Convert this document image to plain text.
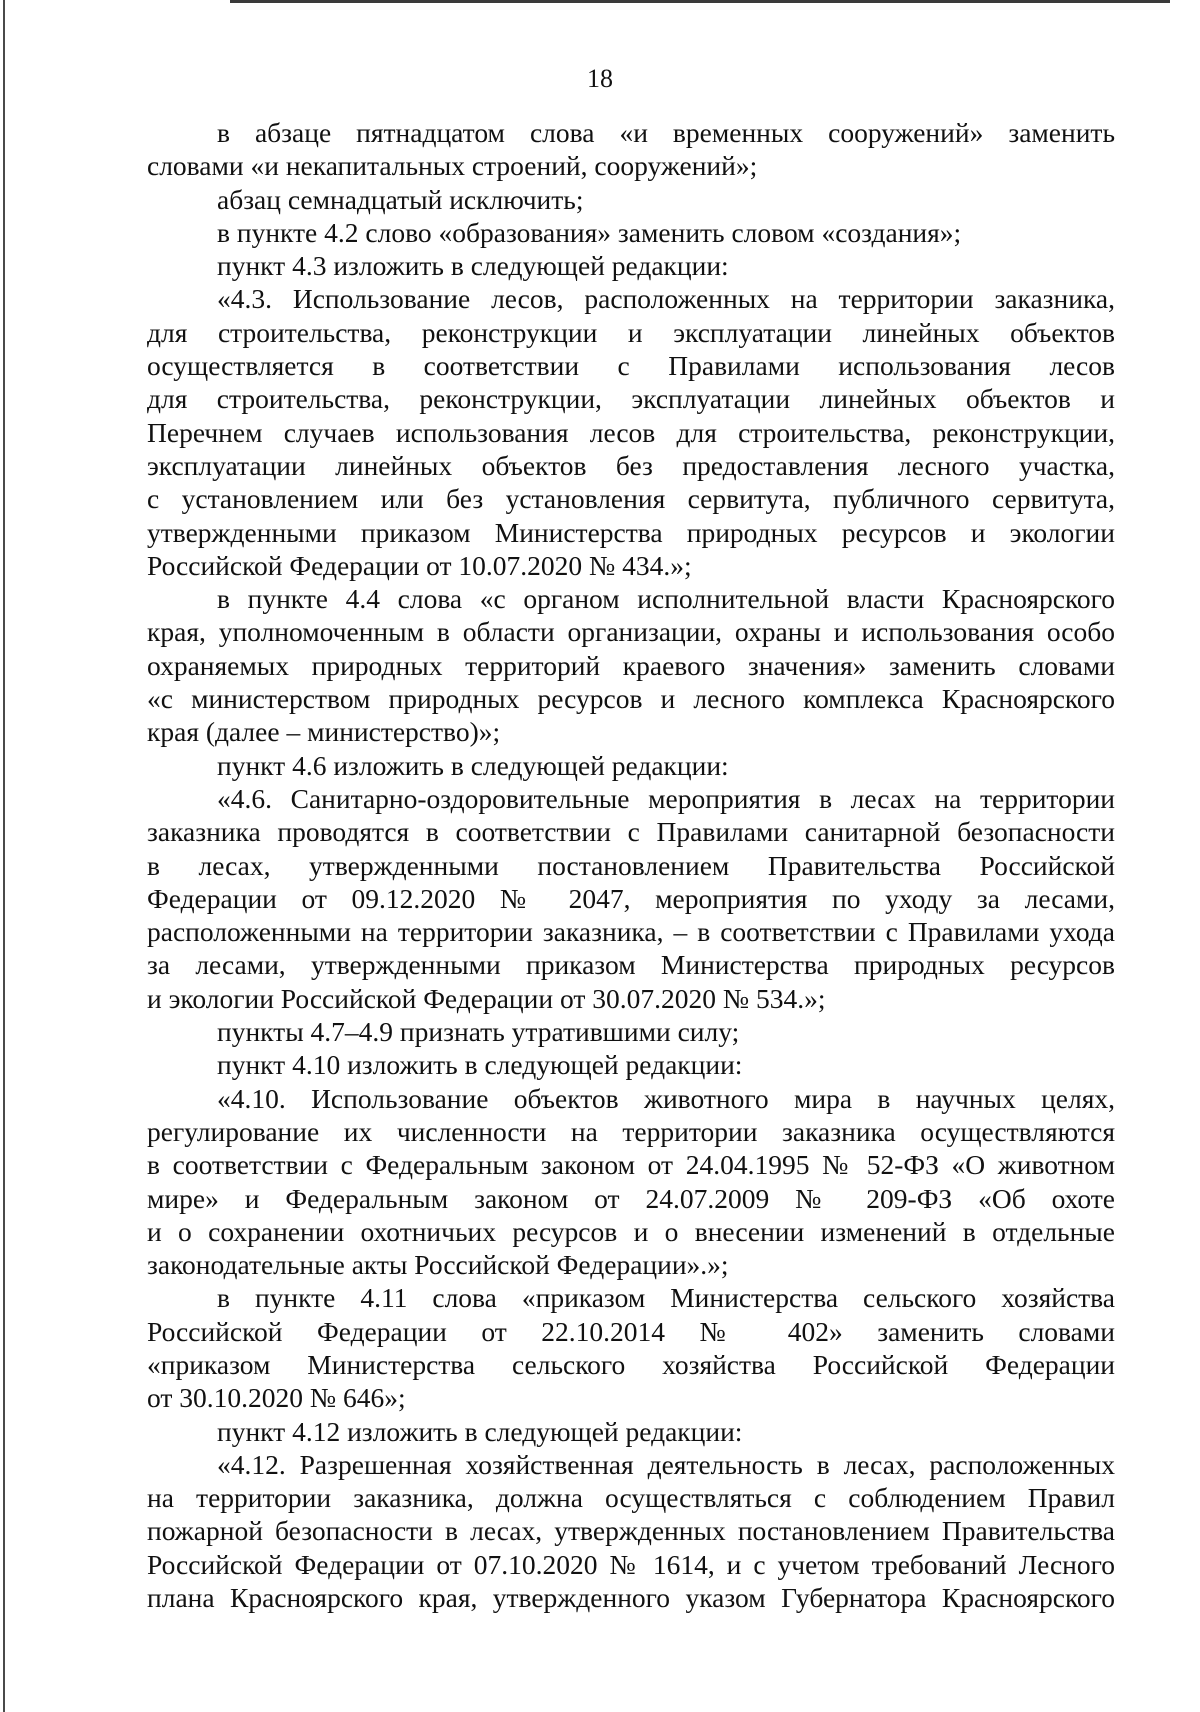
18
в абзаце пятнадцатом слова «и временных сооружений» заменить
словами «и некапитальных строений, сооружений»;
абзац семнадцатый исключить;
в пункте 4.2 слово «образования» заменить словом «создания»;
пункт 4.3 изложить в следующей редакции:
«4.3. Использование лесов, расположенных на территории заказника,
для строительства, реконструкции и эксплуатации линейных объектов
осуществляется в соответствии с Правилами использования лесов
для строительства, реконструкции, эксплуатации линейных объектов и
Перечнем случаев использования лесов для строительства, реконструкции,
эксплуатации линейных объектов без предоставления лесного участка,
с установлением или без установления сервитута, публичного сервитута,
утвержденными приказом Министерства природных ресурсов и экологии
Российской Федерации от 10.07.2020 № 434.»;
в пункте 4.4 слова «с органом исполнительной власти Красноярского
края, уполномоченным в области организации, охраны и использования особо
охраняемых природных территорий краевого значения» заменить словами
«с министерством природных ресурсов и лесного комплекса Красноярского
края (далее – министерство)»;
пункт 4.6 изложить в следующей редакции:
«4.6. Санитарно-оздоровительные мероприятия в лесах на территории
заказника проводятся в соответствии с Правилами санитарной безопасности
в лесах, утвержденными постановлением Правительства Российской
Федерации от 09.12.2020 № 2047, мероприятия по уходу за лесами,
расположенными на территории заказника, – в соответствии с Правилами ухода
за лесами, утвержденными приказом Министерства природных ресурсов
и экологии Российской Федерации от 30.07.2020 № 534.»;
пункты 4.7–4.9 признать утратившими силу;
пункт 4.10 изложить в следующей редакции:
«4.10. Использование объектов животного мира в научных целях,
регулирование их численности на территории заказника осуществляются
в соответствии с Федеральным законом от 24.04.1995 № 52-ФЗ «О животном
мире» и Федеральным законом от 24.07.2009 № 209-ФЗ «Об охоте
и о сохранении охотничьих ресурсов и о внесении изменений в отдельные
законодательные акты Российской Федерации».»;
в пункте 4.11 слова «приказом Министерства сельского хозяйства
Российской Федерации от 22.10.2014 № 402» заменить словами
«приказом Министерства сельского хозяйства Российской Федерации
от 30.10.2020 № 646»;
пункт 4.12 изложить в следующей редакции:
«4.12. Разрешенная хозяйственная деятельность в лесах, расположенных
на территории заказника, должна осуществляться с соблюдением Правил
пожарной безопасности в лесах, утвержденных постановлением Правительства
Российской Федерации от 07.10.2020 № 1614, и с учетом требований Лесного
плана Красноярского края, утвержденного указом Губернатора Красноярского
